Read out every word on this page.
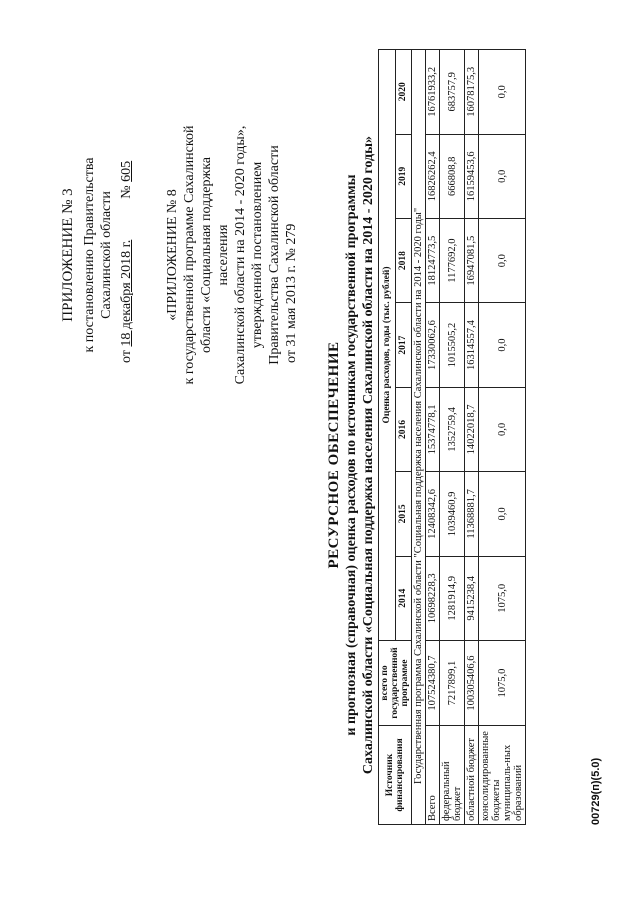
ПРИЛОЖЕНИЕ № 3 к постановлению Правительства Сахалинской области
от 18 декабря 2018 г.  № 605
«ПРИЛОЖЕНИЕ № 8 к государственной программе Сахалинской области «Социальная поддержка населения Сахалинской области на 2014 - 2020 годы», утвержденной постановлением Правительства Сахалинской области от 31 мая 2013 г. № 279
РЕСУРСНОЕ ОБЕСПЕЧЕНИЕ и прогнозная (справочная) оценка расходов по источникам государственной программы Сахалинской области «Социальная поддержка населения Сахалинской области на 2014 - 2020 годы»
Источник финансирования	всего по государственной программе	Оценка расходов, годы (тыс. рублей)						
		2014	2015	2016	2017	2018	2019	2020
Государственная программа Сахалинской области "Социальная поддержка населения Сахалинской области на 2014 - 2020 годы"								
Всего	107524380,7	10698228,3	12408342,6	15374778,1	17330062,6	18124773,5	16826262,4	16761933,2
федеральный бюджет	7217899,1	1281914,9	1039460,9	1352759,4	1015505,2	1177692,0	666808,8	683757,9
областной бюджет	100305406,6	9415238,4	11368881,7	14022018,7	16314557,4	16947081,5	16159453,6	16078175,3
консолидированные бюджеты муниципаль-ных образований	1075,0	1075,0	0,0	0,0	0,0	0,0	0,0	0,0
00729(п)(5.0)
